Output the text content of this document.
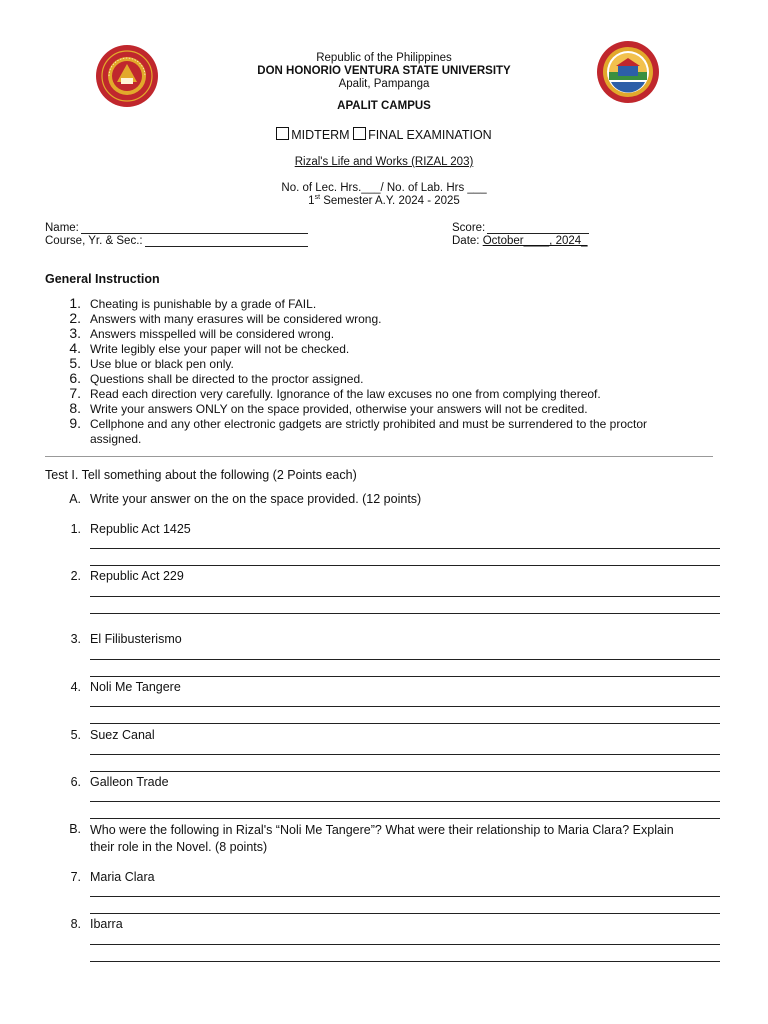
Republic of the Philippines
DON HONORIO VENTURA STATE UNIVERSITY
Apalit, Pampanga
APALIT CAMPUS
MIDTERM FINAL EXAMINATION
Rizal's Life and Works (RIZAL 203)
No. of Lec. Hrs.___/ No. of Lab. Hrs ___
1st Semester A.Y. 2024 - 2025
Name:
Course, Yr. & Sec.:
Score:
Date: October____, 2024_
General Instruction
1. Cheating is punishable by a grade of FAIL.
2. Answers with many erasures will be considered wrong.
3. Answers misspelled will be considered wrong.
4. Write legibly else your paper will not be checked.
5. Use blue or black pen only.
6. Questions shall be directed to the proctor assigned.
7. Read each direction very carefully. Ignorance of the law excuses no one from complying thereof.
8. Write your answers ONLY on the space provided, otherwise your answers will not be credited.
9. Cellphone and any other electronic gadgets are strictly prohibited and must be surrendered to the proctor assigned.
Test I. Tell something about the following (2 Points each)
A. Write your answer on the on the space provided. (12 points)
1. Republic Act 1425
2. Republic Act 229
3. El Filibusterismo
4. Noli Me Tangere
5. Suez Canal
6. Galleon Trade
B. Who were the following in Rizal's “Noli Me Tangere”? What were their relationship to Maria Clara? Explain their role in the Novel. (8 points)
7. Maria Clara
8. Ibarra
